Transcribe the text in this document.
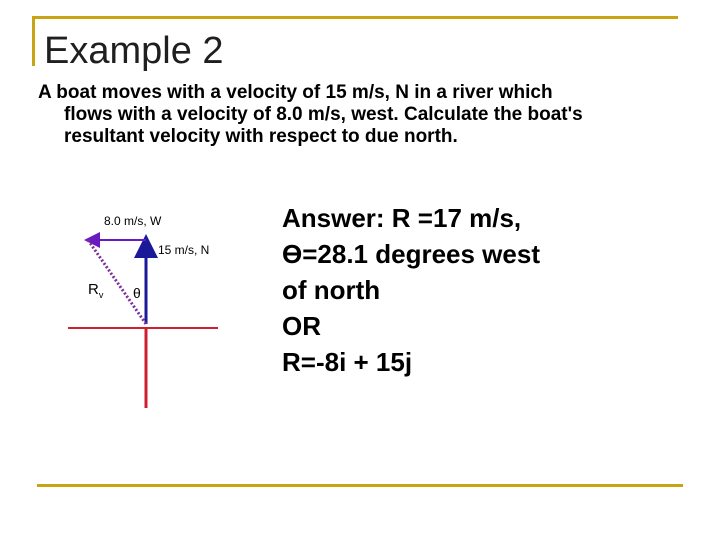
Example 2
A boat moves with a velocity of 15 m/s, N in a river which
flows with a velocity of 8.0 m/s, west. Calculate the boat's
resultant velocity with respect to due north.
8.0 m/s, W
15 m/s, N
$R_v$ θ
Answer: R =17 m/s,
ϴ=28.1 degrees west
of north
OR
R=-8i + 15j
